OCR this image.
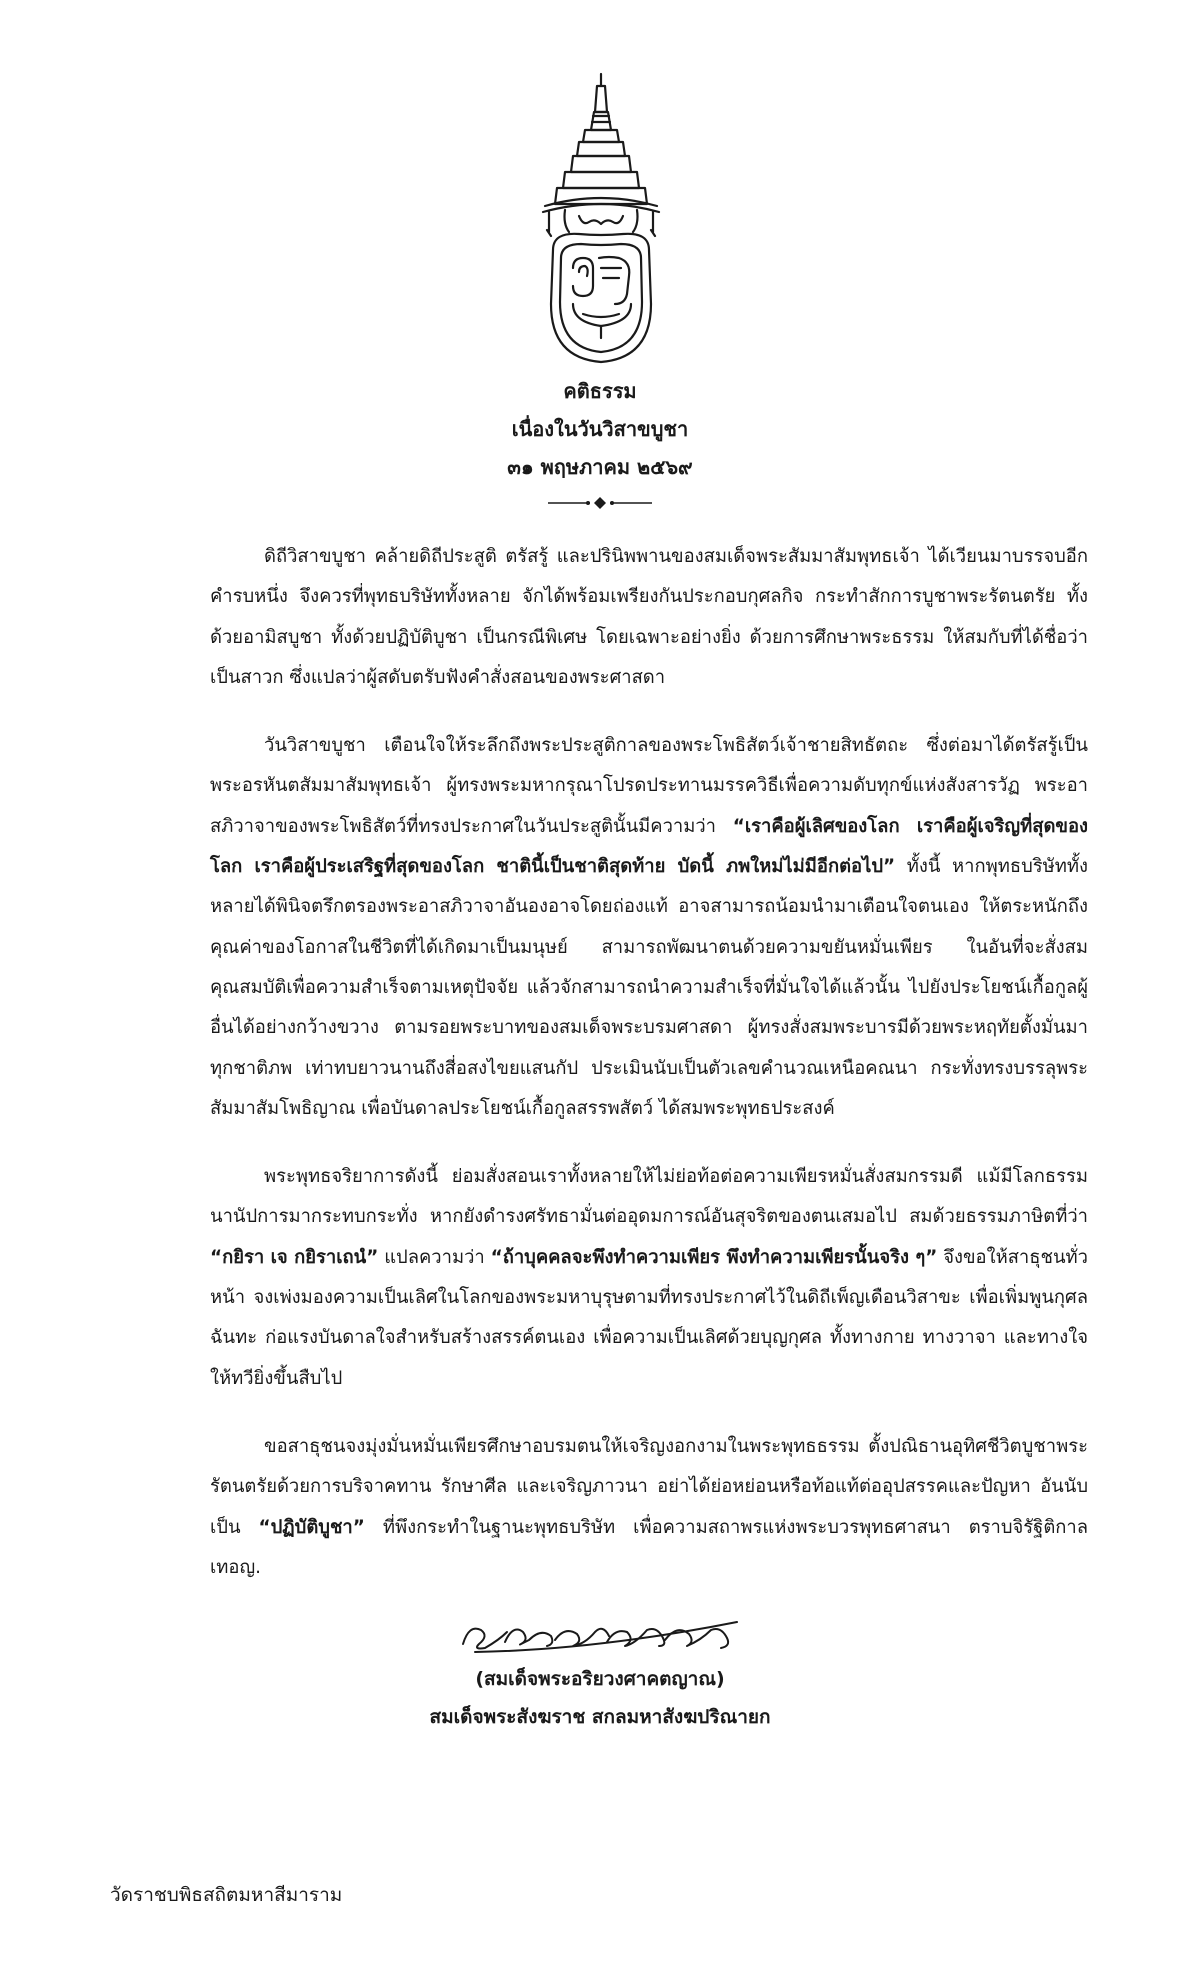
คติธรรม
เนื่องในวันวิสาขบูชา
๓๑ พฤษภาคม ๒๕๖๙

ดิถีวิสาขบูชา คล้ายดิถีประสูติ ตรัสรู้ และปรินิพพานของสมเด็จพระสัมมาสัมพุทธเจ้า ได้เวียนมาบรรจบอีกคำรบหนึ่ง จึงควรที่พุทธบริษัททั้งหลาย จักได้พร้อมเพรียงกันประกอบกุศลกิจ กระทำสักการบูชาพระรัตนตรัย ทั้งด้วยอามิสบูชา ทั้งด้วยปฏิบัติบูชา เป็นกรณีพิเศษ โดยเฉพาะอย่างยิ่ง ด้วยการศึกษาพระธรรม ให้สมกับที่ได้ชื่อว่าเป็นสาวก ซึ่งแปลว่าผู้สดับตรับฟังคำสั่งสอนของพระศาสดา

วันวิสาขบูชา เตือนใจให้ระลึกถึงพระประสูติกาลของพระโพธิสัตว์เจ้าชายสิทธัตถะ ซึ่งต่อมาได้ตรัสรู้เป็นพระอรหันตสัมมาสัมพุทธเจ้า ผู้ทรงพระมหากรุณาโปรดประทานมรรควิธีเพื่อความดับทุกข์แห่งสังสารวัฏ พระอาสภิวาจาของพระโพธิสัตว์ที่ทรงประกาศในวันประสูตินั้นมีความว่า “เราคือผู้เลิศของโลก เราคือผู้เจริญที่สุดของโลก เราคือผู้ประเสริฐที่สุดของโลก ชาตินี้เป็นชาติสุดท้าย บัดนี้ ภพใหม่ไม่มีอีกต่อไป” ทั้งนี้ หากพุทธบริษัททั้งหลายได้พินิจตรึกตรองพระอาสภิวาจาอันองอาจโดยถ่องแท้ อาจสามารถน้อมนำมาเตือนใจตนเอง ให้ตระหนักถึงคุณค่าของโอกาสในชีวิตที่ได้เกิดมาเป็นมนุษย์ สามารถพัฒนาตนด้วยความขยันหมั่นเพียร ในอันที่จะสั่งสมคุณสมบัติเพื่อความสำเร็จตามเหตุปัจจัย แล้วจักสามารถนำความสำเร็จที่มั่นใจได้แล้วนั้น ไปยังประโยชน์เกื้อกูลผู้อื่นได้อย่างกว้างขวาง ตามรอยพระบาทของสมเด็จพระบรมศาสดา ผู้ทรงสั่งสมพระบารมีด้วยพระหฤทัยตั้งมั่นมาทุกชาติภพ เท่าทบยาวนานถึงสี่อสงไขยแสนกัป ประเมินนับเป็นตัวเลขคำนวณเหนือคณนา กระทั่งทรงบรรลุพระสัมมาสัมโพธิญาณ เพื่อบันดาลประโยชน์เกื้อกูลสรรพสัตว์ ได้สมพระพุทธประสงค์

พระพุทธจริยาการดังนี้ ย่อมสั่งสอนเราทั้งหลายให้ไม่ย่อท้อต่อความเพียรหมั่นสั่งสมกรรมดี แม้มีโลกธรรมนานัปการมากระทบกระทั่ง หากยังดำรงศรัทธามั่นต่ออุดมการณ์อันสุจริตของตนเสมอไป สมด้วยธรรมภาษิตที่ว่า “กยิรา เจ กยิราเถนํ” แปลความว่า “ถ้าบุคคลจะพึงทำความเพียร พึงทำความเพียรนั้นจริง ๆ” จึงขอให้สาธุชนทั่วหน้า จงเพ่งมองความเป็นเลิศในโลกของพระมหาบุรุษตามที่ทรงประกาศไว้ในดิถีเพ็ญเดือนวิสาขะ เพื่อเพิ่มพูนกุศลฉันทะ ก่อแรงบันดาลใจสำหรับสร้างสรรค์ตนเอง เพื่อความเป็นเลิศด้วยบุญกุศล ทั้งทางกาย ทางวาจา และทางใจ ให้ทวียิ่งขึ้นสืบไป

ขอสาธุชนจงมุ่งมั่นหมั่นเพียรศึกษาอบรมตนให้เจริญงอกงามในพระพุทธธรรม ตั้งปณิธานอุทิศชีวิตบูชาพระรัตนตรัยด้วยการบริจาคทาน รักษาศีล และเจริญภาวนา อย่าได้ย่อหย่อนหรือท้อแท้ต่ออุปสรรคและปัญหา อันนับเป็น “ปฏิบัติบูชา” ที่พึงกระทำในฐานะพุทธบริษัท เพื่อความสถาพรแห่งพระบวรพุทธศาสนา ตราบจิรัฐิติกาล เทอญ.

(สมเด็จพระอริยวงศาคตญาณ)
สมเด็จพระสังฆราช สกลมหาสังฆปริณายก
วัดราชบพิธสถิตมหาสีมาราม
